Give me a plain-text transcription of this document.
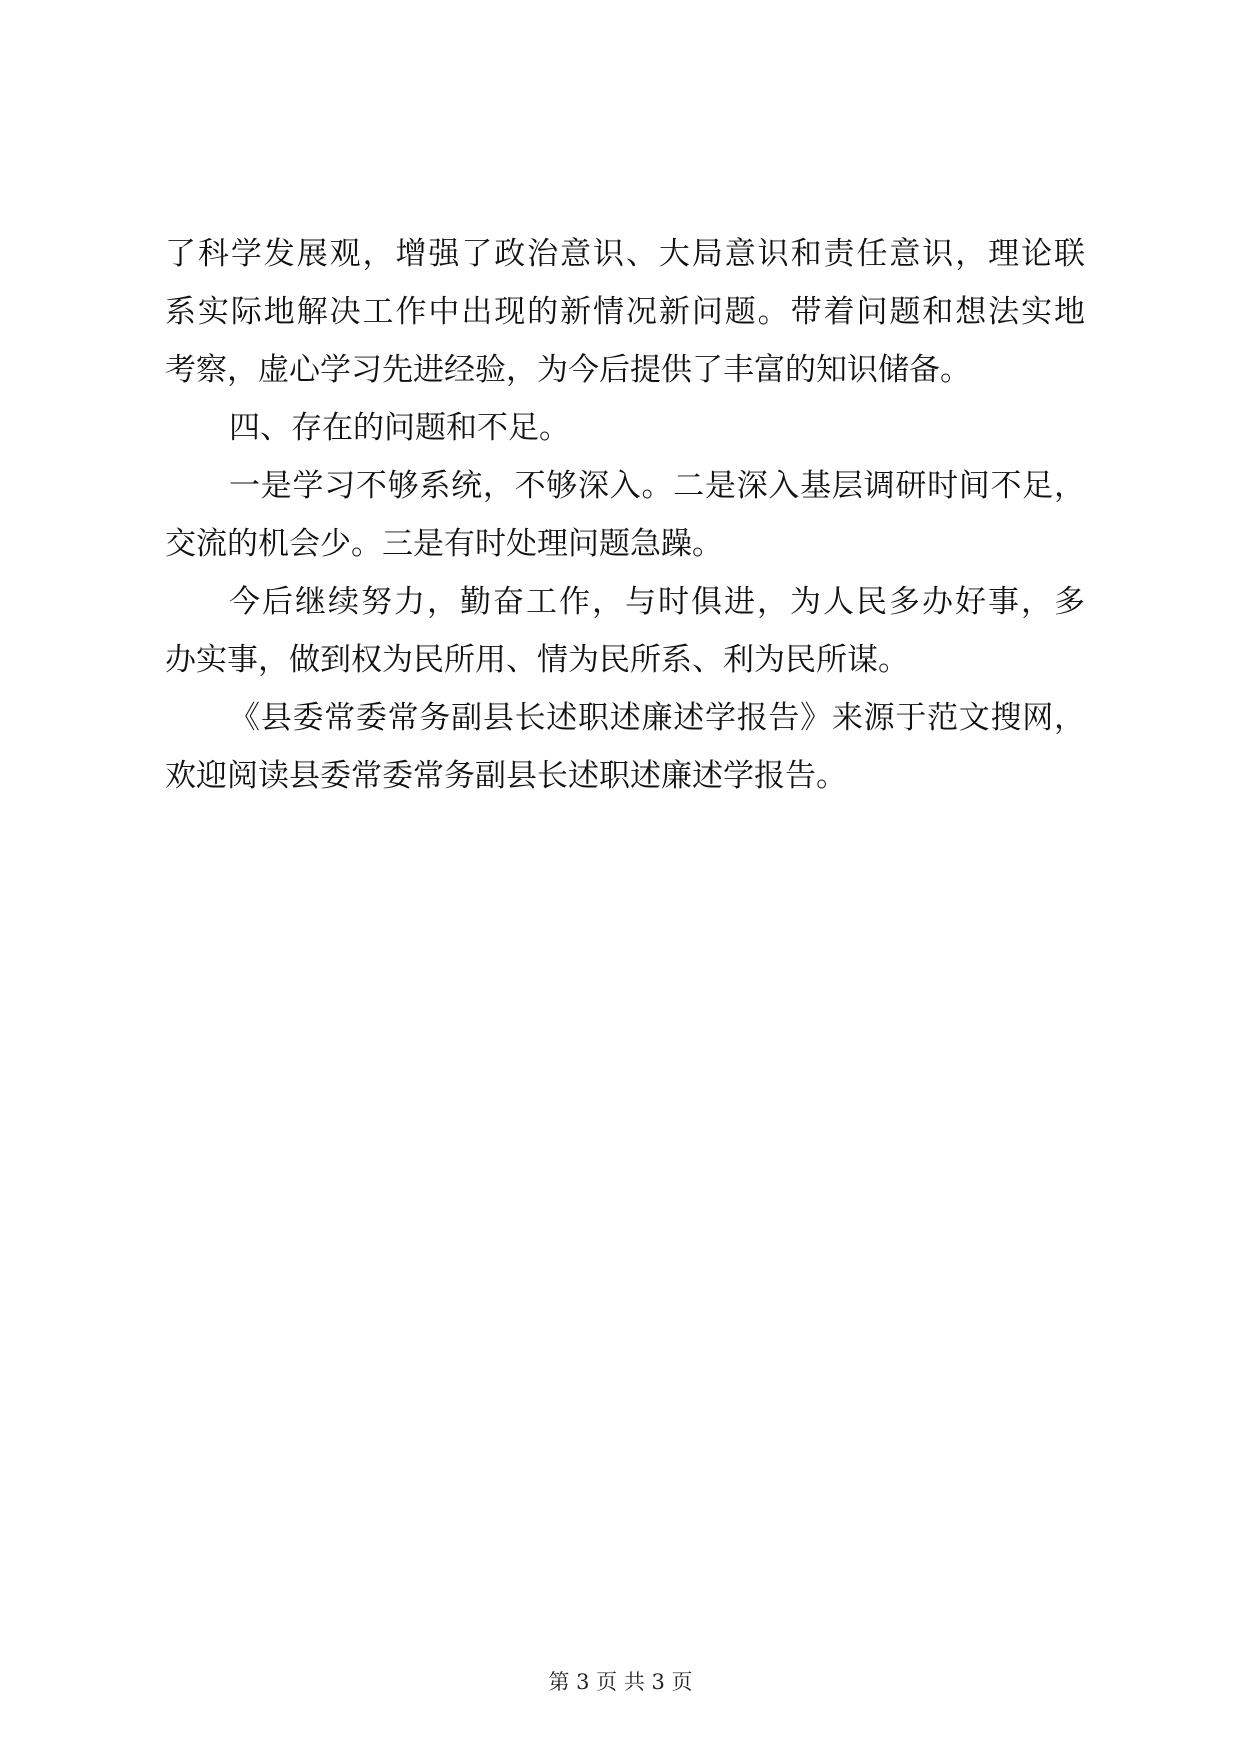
了科学发展观，增强了政治意识、大局意识和责任意识，理论联
系实际地解决工作中出现的新情况新问题。带着问题和想法实地
考察，虚心学习先进经验，为今后提供了丰富的知识储备。
四、存在的问题和不足。
一是学习不够系统，不够深入。二是深入基层调研时间不足，
交流的机会少。三是有时处理问题急躁。
今后继续努力，勤奋工作，与时俱进，为人民多办好事，多
办实事，做到权为民所用、情为民所系、利为民所谋。
《县委常委常务副县长述职述廉述学报告》来源于范文搜网，
欢迎阅读县委常委常务副县长述职述廉述学报告。
第 3 页 共 3 页
